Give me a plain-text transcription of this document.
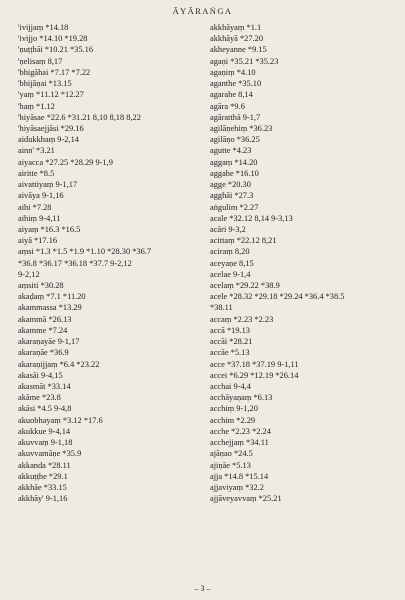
ĀYĀRAṄGA
'ivijjaṃ *14.18
'ivijjo *14.10 *19.28
'ṇuṭṭhāi *10.21 *35.16
'ṇelisaṃ 8,17
'bhigāhai *7.17 *7.22
'bhijāṇai *13.15
'yaṃ *11.12 *12.27
'haṃ *1.12
'hiyāsae *22.6 *31.21 8,10 8,18 8,22
'hiyāsaejjāsi *29.16
aidukkhaṃ 9-2,14
ainn' *3.21
aiyacca *27.25 *28.29 9-1,9
airitte *8.5
aivattiyaṃ 9-1,17
aivāya 9-1,16
aihi *7.28
aihiṃ 9-4,11
aiyaṃ *16.3 *16.5
aiyā *17.16
aṃsi *1.3 *1.5 *1.9 *1.10 *28.30 *36.7
*36.8 *36.17 *36.18 *37.7 9-2,12
9-2,12
aṃsiti *30.28
akaḍaṃ *7.1 *11.20
akammassa *13.29
akammā *26.13
akamme *7.24
akaraṇayāe 9-1,17
akaraṇāe *36.9
akaraṇijjaṃ *6.4 *23.22
akasāi 9-4,15
akasmāt *33.14
akāme *23.8
akāsi *4.5 9-4,8
akuobhayaṃ *3.12 *17.6
akukkue 9-4,14
akuvvaṃ 9-1,18
akuvvamāṇe *35.9
akkanda *28.11
akkuṭṭhe *29.1
akkhāe *33.15
akkhāy' 9-1,16
akkhāyaṃ *1.1
akkhāyā *27.20
akheyanne *9.15
agaṇi *35.21 *35.23
agaṇiṃ *4.10
aganthe *35.10
agarahe 8,14
agāra *9.6
agāratthā 9-1,7
agilāṇehiṃ *36.23
agilāṇo *36.25
agutte *4.23
aggaṃ *14.20
aggahe *16.10
agge *20.30
agghāi *27.3
aṅgulim *2.27
acale *32.12 8,14 9-3,13
acāri 9-3,2
acittaṃ *22.12 8,21
aciraṃ 8,20
aceyaṇe 8,15
acelae 9-1,4
acelaṃ *29.22 *38.9
acele *28.32 *29.18 *29.24 *36.4 *38.5
*38.11
accaṃ *2.23 *2.23
accā *19.13
accāi *28.21
accāe *5.13
acce *37.18 *37.19 9-1,11
accei *6.29 *12.19 *26.14
acchai 9-4,4
acchāyaṇaṃ *6.13
acchiṃ 9-1,20
acchim *2.29
acche *2.23 *2.24
acchejjaṃ *34.11
ajāṇao *24.5
ajiṇāe *5.13
ajja *14.8 *15.14
ajjaviyaṃ *32.2
ajjāveyavvaṃ *25.21
– 3 –
